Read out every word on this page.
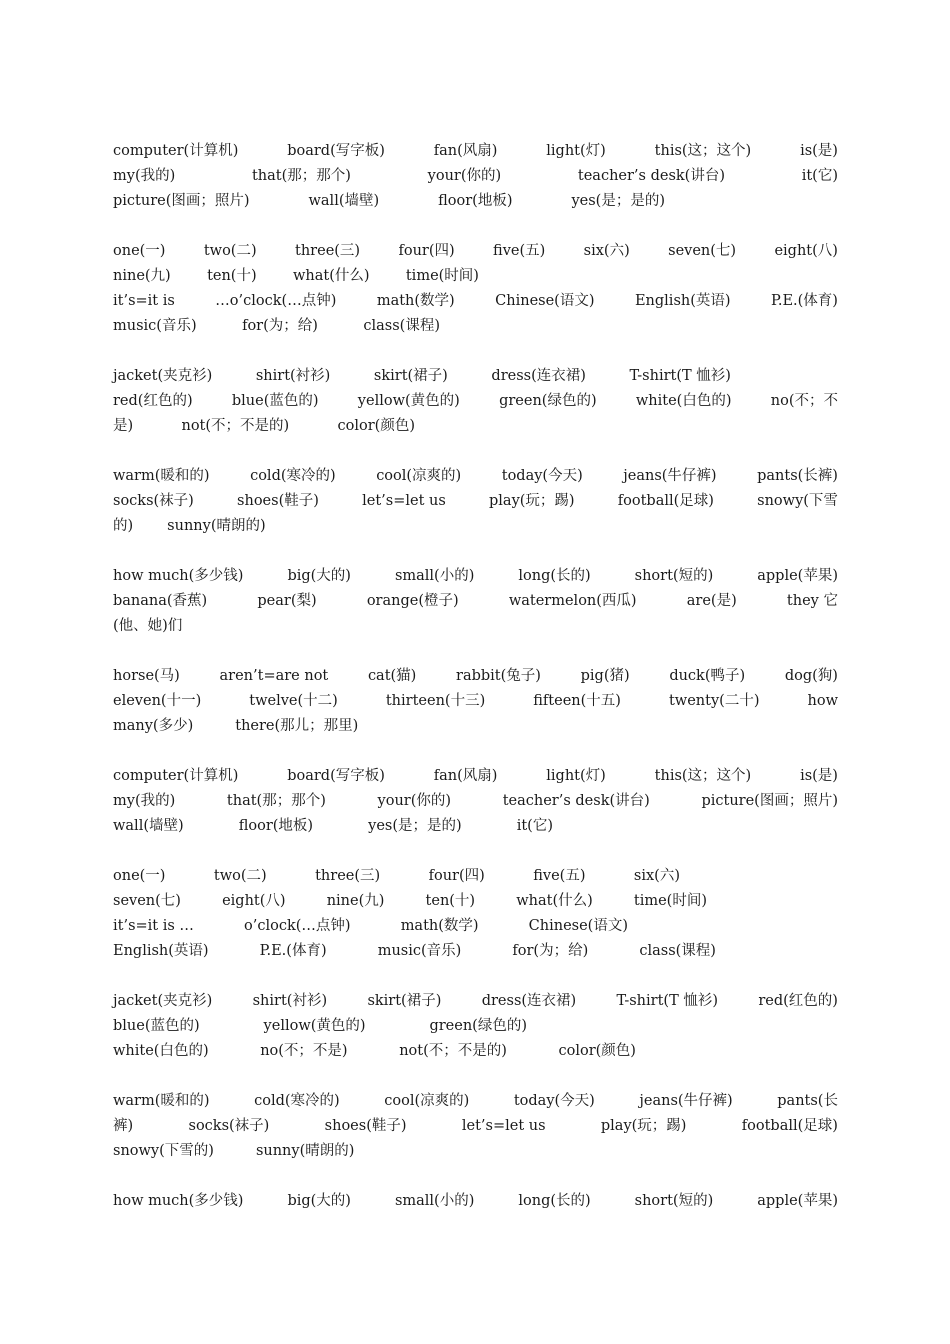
computer(计算机)	board(写字板)	fan(风扇)	light(灯)	this(这；这个)	is(是)
my(我的)	that(那；那个)	your(你的)	teacher’s desk(讲台)	it(它)
picture(图画；照片)	wall(墙壁)	floor(地板)	yes(是；是的)
one(一)	two(二)	three(三)	four(四)	five(五)	six(六)	seven(七)	eight(八)
nine(九)	ten(十)	what(什么)	time(时间)
it’s=it is	…o’clock(…点钟)	math(数学)	Chinese(语文)	English(英语)	P.E.(体育)
music(音乐)	for(为；给)	class(课程)
jacket(夹克衫)	shirt(衬衫)	skirt(裙子)	dress(连衣裙)	T-shirt(T 恤衫)
red(红色的)	blue(蓝色的)	yellow(黄色的)	green(绿色的)	white(白色的)	no(不；不
是)	not(不；不是的)	color(颜色)
warm(暖和的)	cold(寒冷的)	cool(凉爽的)	today(今天)	jeans(牛仔裤)	pants(长裤)
socks(袜子)	shoes(鞋子)	let’s=let us	play(玩；踢)	football(足球)	snowy(下雪
的) sunny(晴朗的)
how much(多少钱)	big(大的)	small(小的)	long(长的)	short(短的)	apple(苹果)
banana(香蕉)	pear(梨)	orange(橙子)	watermelon(西瓜)	are(是)	they 它
(他、她)们
horse(马)	aren’t=are not	cat(猫)	rabbit(兔子)	pig(猪)	duck(鸭子)	dog(狗)
eleven(十一)	twelve(十二)	thirteen(十三)	fifteen(十五)	twenty(二十)	how
many(多少)	there(那儿；那里)
computer(计算机)	board(写字板)	fan(风扇)	light(灯)	this(这；这个)	is(是)
my(我的)	that(那；那个)	your(你的)	teacher’s desk(讲台)	picture(图画；照片)
wall(墙壁)	floor(地板)	yes(是；是的)	it(它)
one(一)	two(二)	three(三)	four(四)	five(五)	six(六)
seven(七)	eight(八)	nine(九)	ten(十)	what(什么)	time(时间)
it’s=it is …	o’clock(…点钟)	math(数学)	Chinese(语文)
English(英语)	P.E.(体育)	music(音乐)	for(为；给)	class(课程)
jacket(夹克衫)	shirt(衬衫)	skirt(裙子)	dress(连衣裙)	T-shirt(T 恤衫)	red(红色的)
blue(蓝色的)	yellow(黄色的)	green(绿色的)
white(白色的)	no(不；不是)	not(不；不是的)	color(颜色)
warm(暖和的)	cold(寒冷的)	cool(凉爽的)	today(今天)	jeans(牛仔裤)	pants(长
裤)	socks(袜子)	shoes(鞋子)	let’s=let us	play(玩；踢)	football(足球)
snowy(下雪的)	sunny(晴朗的)
how much(多少钱)	big(大的)	small(小的)	long(长的)	short(短的)	apple(苹果)
